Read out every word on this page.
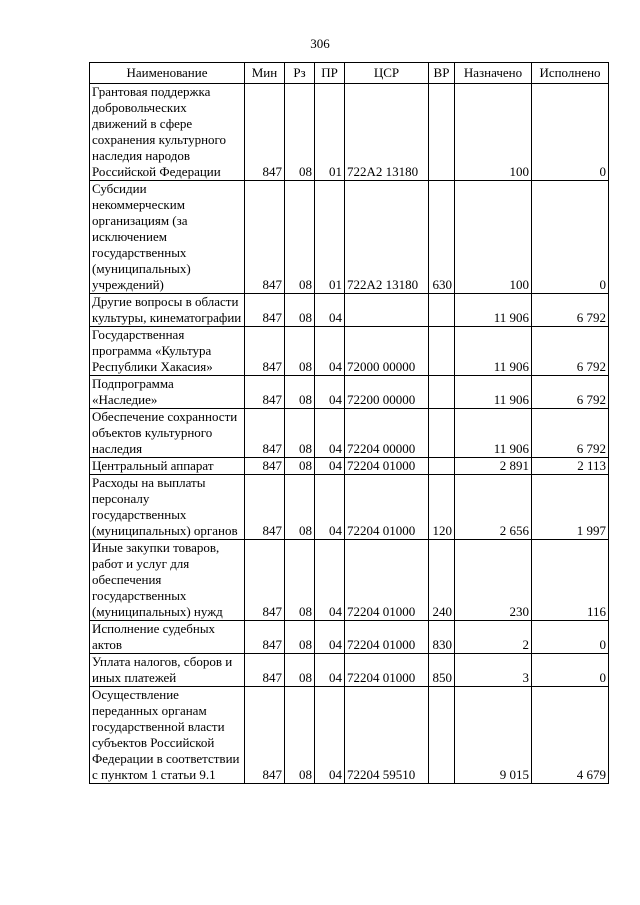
306
Наименование	Мин	Рз	ПР	ЦСР	ВР	Назначено	Исполнено
Грантовая поддержка добровольческих движений в сфере сохранения культурного наследия народов Российской Федерации	847	08	01	722A2 13180		100	0
Субсидии некоммерческим организациям (за исключением государственных (муниципальных) учреждений)	847	08	01	722A2 13180	630	100	0
Другие вопросы в области культуры, кинематографии	847	08	04			11 906	6 792
Государственная программа «Культура Республики Хакасия»	847	08	04	72000 00000		11 906	6 792
Подпрограмма «Наследие»	847	08	04	72200 00000		11 906	6 792
Обеспечение сохранности объектов культурного наследия	847	08	04	72204 00000		11 906	6 792
Центральный аппарат	847	08	04	72204 01000		2 891	2 113
Расходы на выплаты персоналу государственных (муниципальных) органов	847	08	04	72204 01000	120	2 656	1 997
Иные закупки товаров, работ и услуг для обеспечения государственных (муниципальных) нужд	847	08	04	72204 01000	240	230	116
Исполнение судебных актов	847	08	04	72204 01000	830	2	0
Уплата налогов, сборов и иных платежей	847	08	04	72204 01000	850	3	0
Осуществление переданных органам государственной власти субъектов Российской Федерации в соответствии с пунктом 1 статьи 9.1	847	08	04	72204 59510		9 015	4 679
